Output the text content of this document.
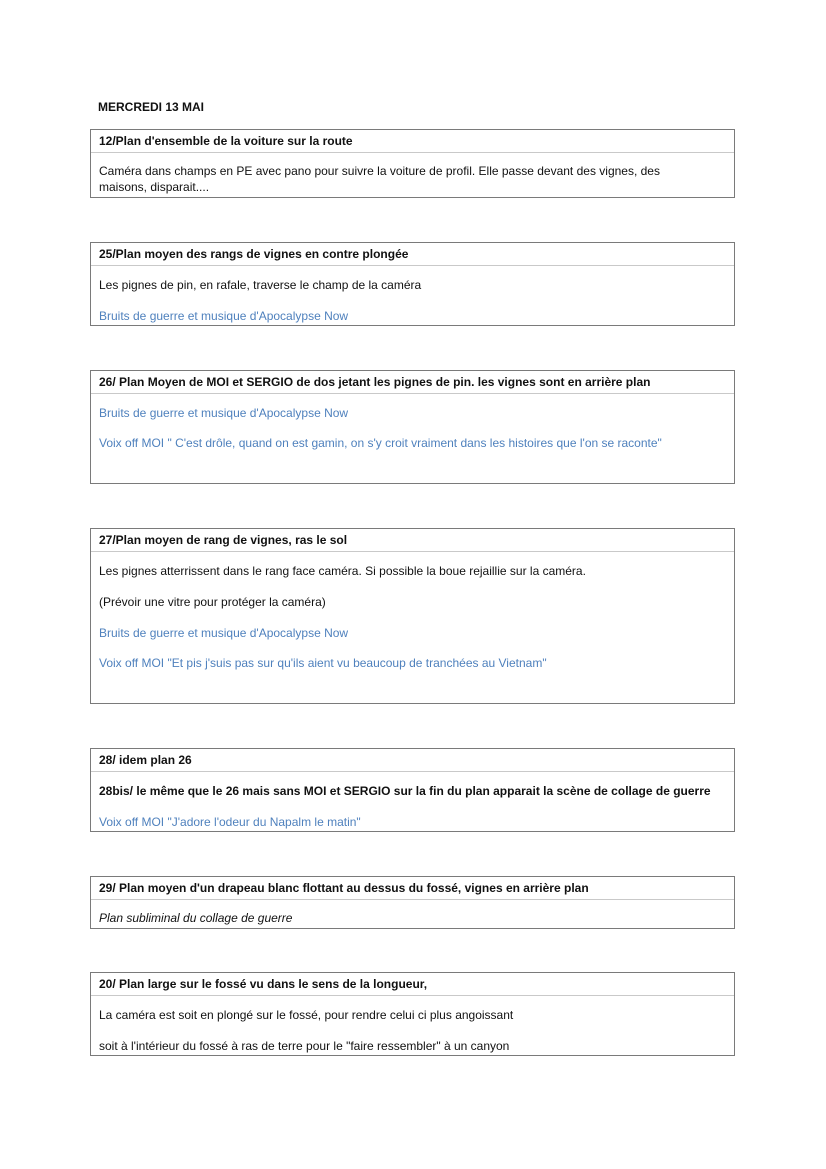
MERCREDI 13 MAI
12/Plan d'ensemble de la voiture sur la route
Caméra dans champs en PE avec pano pour suivre la voiture de profil. Elle passe devant des vignes, des
maisons, disparait....
25/Plan moyen des rangs de vignes en contre plongée
Les pignes de pin, en rafale, traverse le champ de la caméra
Bruits de guerre et musique d'Apocalypse Now
26/ Plan Moyen de MOI et SERGIO de dos jetant les pignes de pin. les vignes sont en arrière plan
Bruits de guerre et musique d'Apocalypse Now
Voix off MOI " C'est drôle, quand on est gamin, on s'y croit vraiment dans les histoires que l'on se raconte"
27/Plan moyen de rang de vignes, ras le sol
Les pignes atterrissent dans le rang face caméra. Si possible la boue rejaillie sur la caméra.
(Prévoir une vitre pour protéger la caméra)
Bruits de guerre et musique d'Apocalypse Now
Voix off MOI "Et pis j'suis pas sur qu'ils aient vu beaucoup de tranchées au Vietnam"
28/ idem plan 26
28bis/ le même que le 26 mais sans MOI et SERGIO sur la fin du plan apparait la scène de collage de guerre
Voix off MOI "J'adore l'odeur du Napalm le matin"
29/ Plan moyen d'un drapeau blanc flottant au dessus du fossé, vignes en arrière plan
Plan subliminal du collage de guerre
20/ Plan large sur le fossé vu dans le sens de la longueur,
La caméra est soit en plongé sur le fossé, pour rendre celui ci plus angoissant
soit à l'intérieur du fossé à ras de terre pour le "faire ressembler" à un canyon
